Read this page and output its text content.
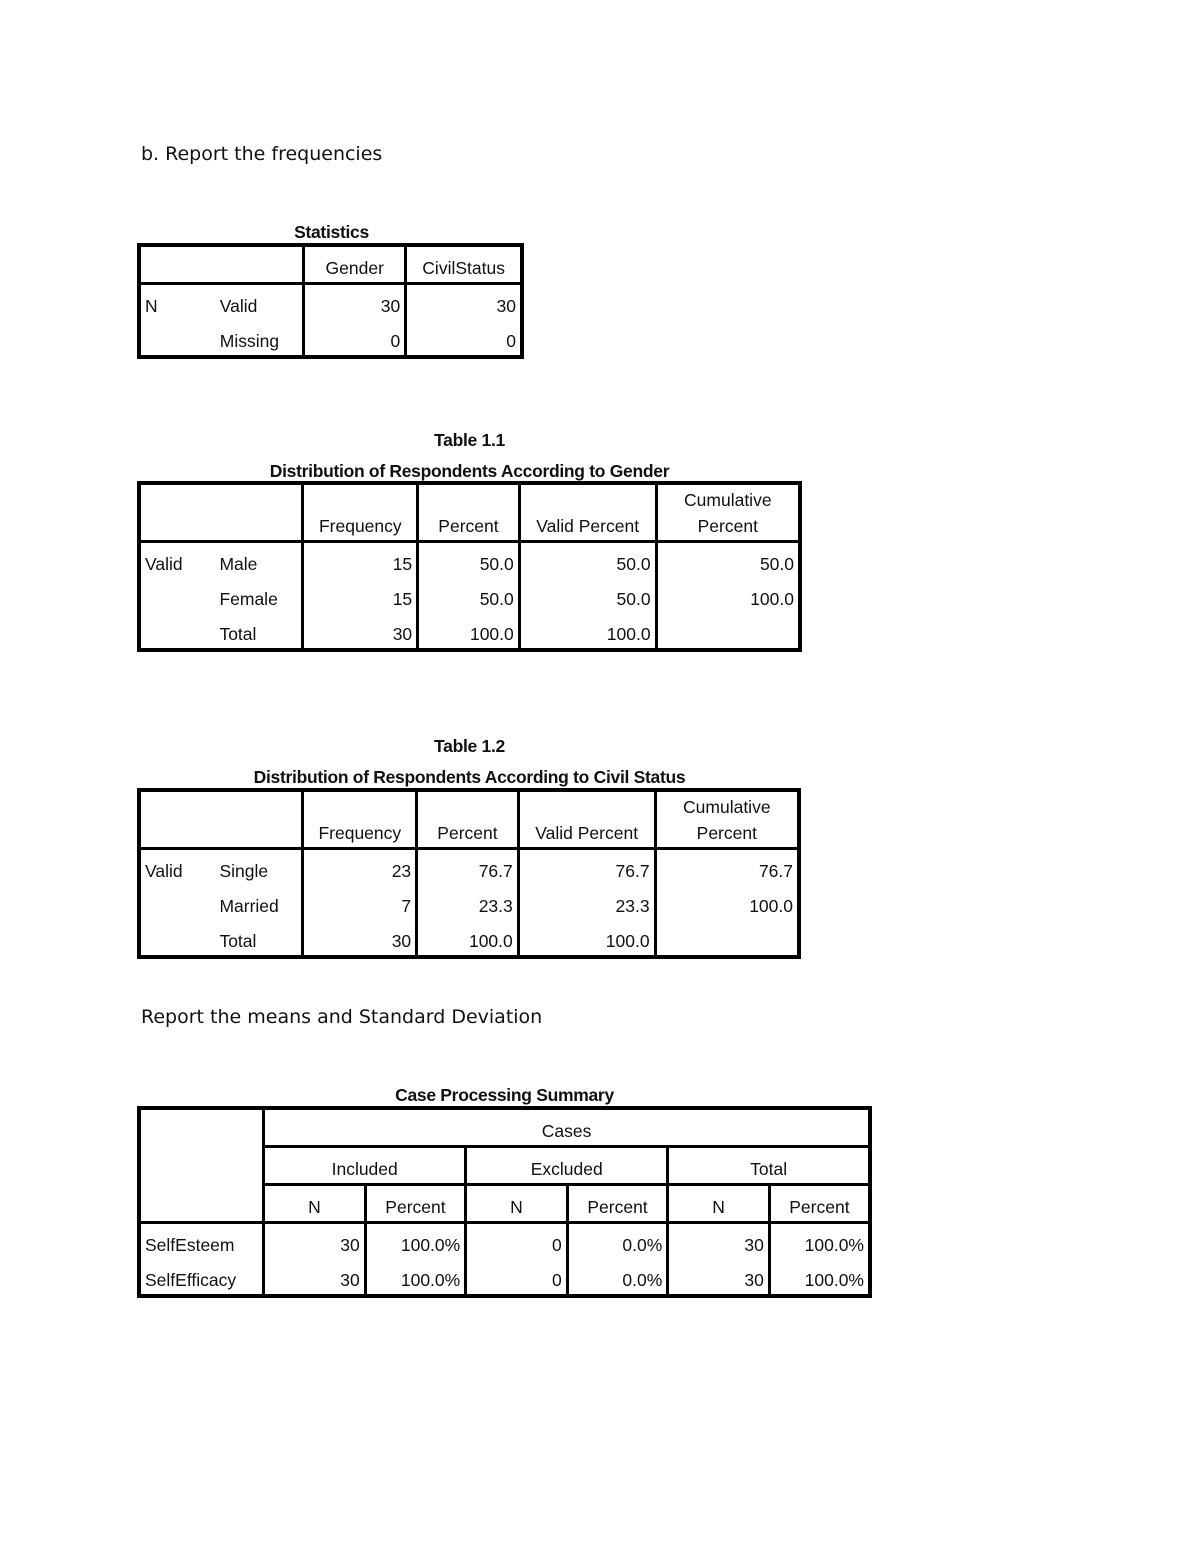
b. Report the frequencies
Statistics
		Gender	CivilStatus
N	Valid	30	30
	Missing	0	0
Table 1.1
Distribution of Respondents According to Gender
		Frequency	Percent	Valid Percent	Cumulative
Percent

Valid	Male	15	50.0	50.0	50.0
	Female	15	50.0	50.0	100.0
	Total	30	100.0	100.0	
Table 1.2
Distribution of Respondents According to Civil Status
		Frequency	Percent	Valid Percent	Cumulative
Percent

Valid	Single	23	76.7	76.7	76.7
	Married	7	23.3	23.3	100.0
	Total	30	100.0	100.0	
Report the means and Standard Deviation
Case Processing Summary
	Cases					
	Included		Excluded		Total	
	N	Percent	N	Percent	N	Percent
SelfEsteem	30	100.0%	0	0.0%	30	100.0%
SelfEfficacy	30	100.0%	0	0.0%	30	100.0%
